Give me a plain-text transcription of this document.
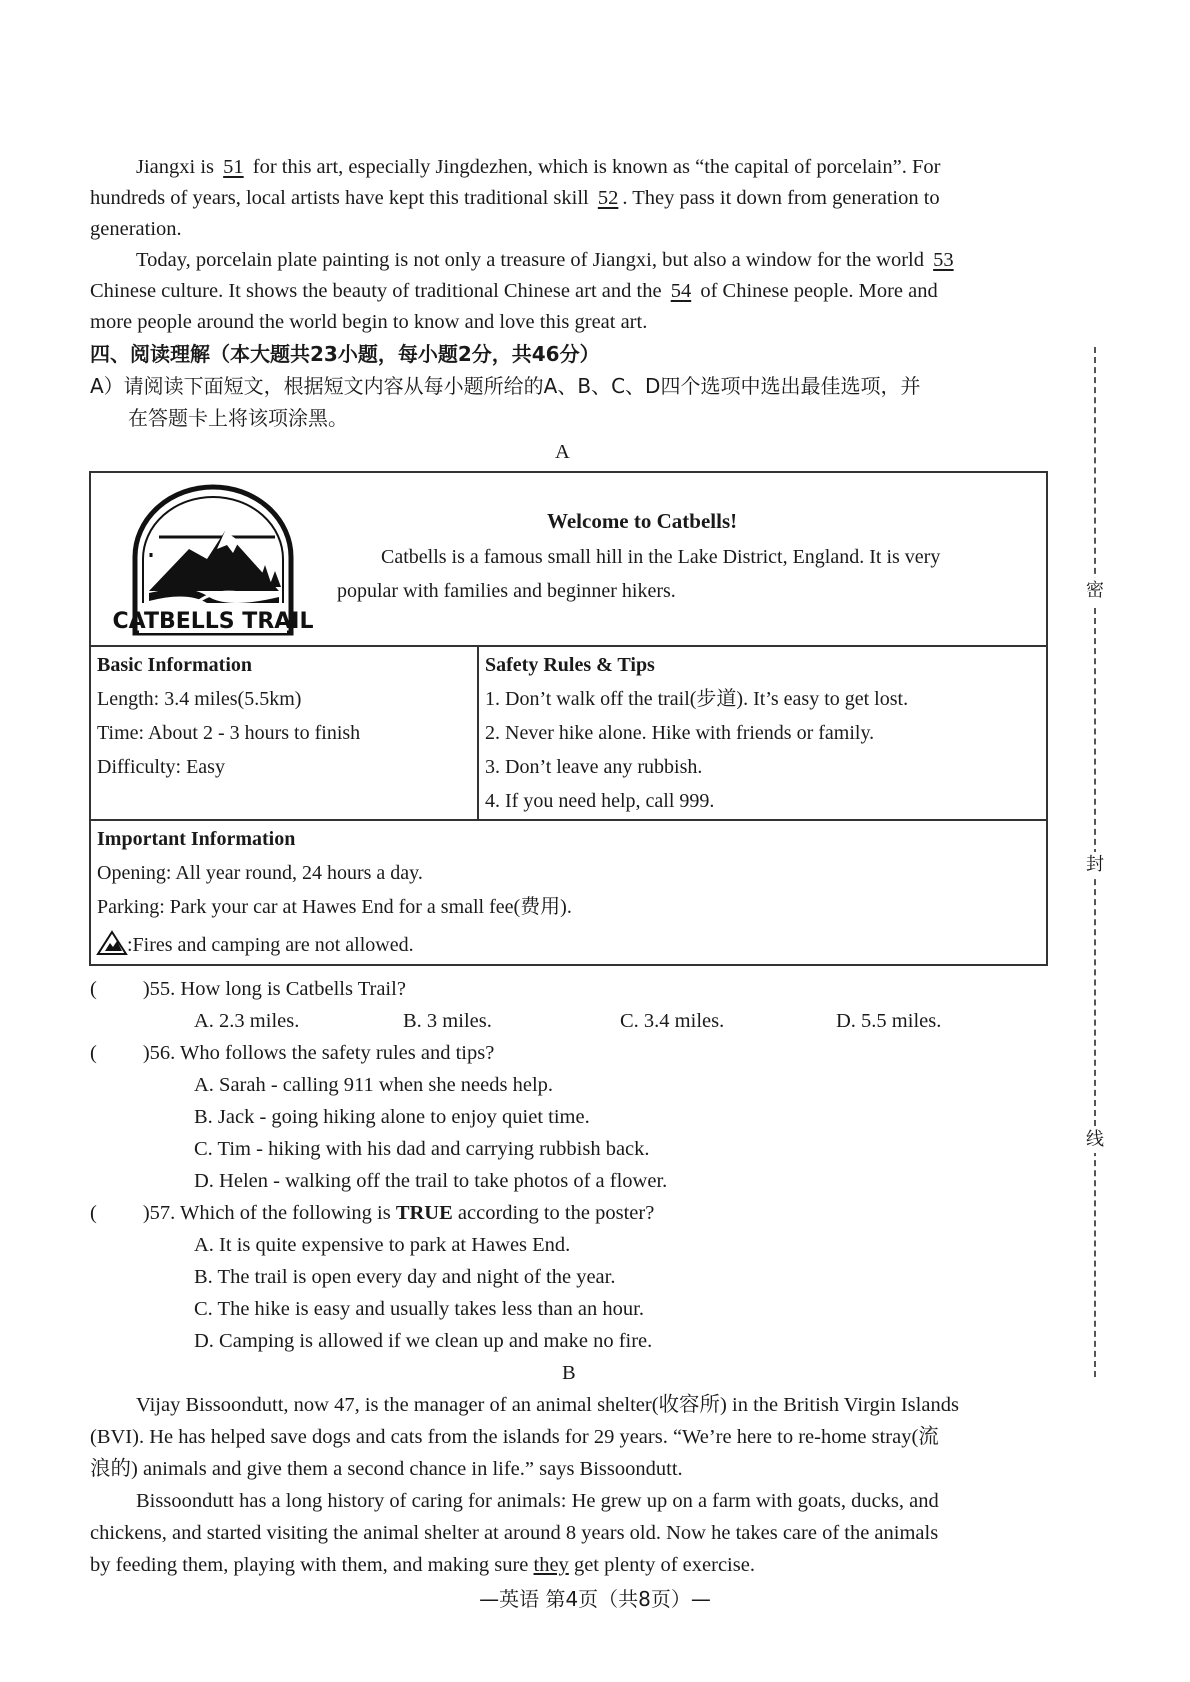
Jiangxi is 51 for this art, especially Jingdezhen, which is known as “the capital of porcelain”. For
hundreds of years, local artists have kept this traditional skill 52 . They pass it down from generation to
generation.
Today, porcelain plate painting is not only a treasure of Jiangxi, but also a window for the world 53
Chinese culture. It shows the beauty of traditional Chinese art and the 54 of Chinese people. More and
more people around the world begin to know and love this great art.
四、阅读理解（本大题共23小题，每小题2分，共46分）
A）请阅读下面短文，根据短文内容从每小题所给的A、B、C、D四个选项中选出最佳选项，并
在答题卡上将该项涂黑。
A
CATBELLS TRAIL
Welcome to Catbells!
Catbells is a famous small hill in the Lake District, England. It is very
popular with families and beginner hikers.
Basic Information
Length: 3.4 miles(5.5km)
Time: About 2 - 3 hours to finish
Difficulty: Easy
Safety Rules & Tips
1. Don’t walk off the trail(步道). It’s easy to get lost.
2. Never hike alone. Hike with friends or family.
3. Don’t leave any rubbish.
4. If you need help, call 999.
Important Information
Opening: All year round, 24 hours a day.
Parking: Park your car at Hawes End for a small fee(费用).
:Fires and camping are not allowed.
( )55. How long is Catbells Trail?
A. 2.3 miles.	B. 3 miles.	C. 3.4 miles.	D. 5.5 miles.
( )56. Who follows the safety rules and tips?
A. Sarah - calling 911 when she needs help.
B. Jack - going hiking alone to enjoy quiet time.
C. Tim - hiking with his dad and carrying rubbish back.
D. Helen - walking off the trail to take photos of a flower.
( )57. Which of the following is TRUE according to the poster?
A. It is quite expensive to park at Hawes End.
B. The trail is open every day and night of the year.
C. The hike is easy and usually takes less than an hour.
D. Camping is allowed if we clean up and make no fire.
B
Vijay Bissoondutt, now 47, is the manager of an animal shelter(收容所) in the British Virgin Islands
(BVI). He has helped save dogs and cats from the islands for 29 years. “We’re here to re-home stray(流
浪的) animals and give them a second chance in life.” says Bissoondutt.
Bissoondutt has a long history of caring for animals: He grew up on a farm with goats, ducks, and
chickens, and started visiting the animal shelter at around 8 years old. Now he takes care of the animals
by feeding them, playing with them, and making sure they get plenty of exercise.
—英语 第4页（共8页）—
密
封
线
